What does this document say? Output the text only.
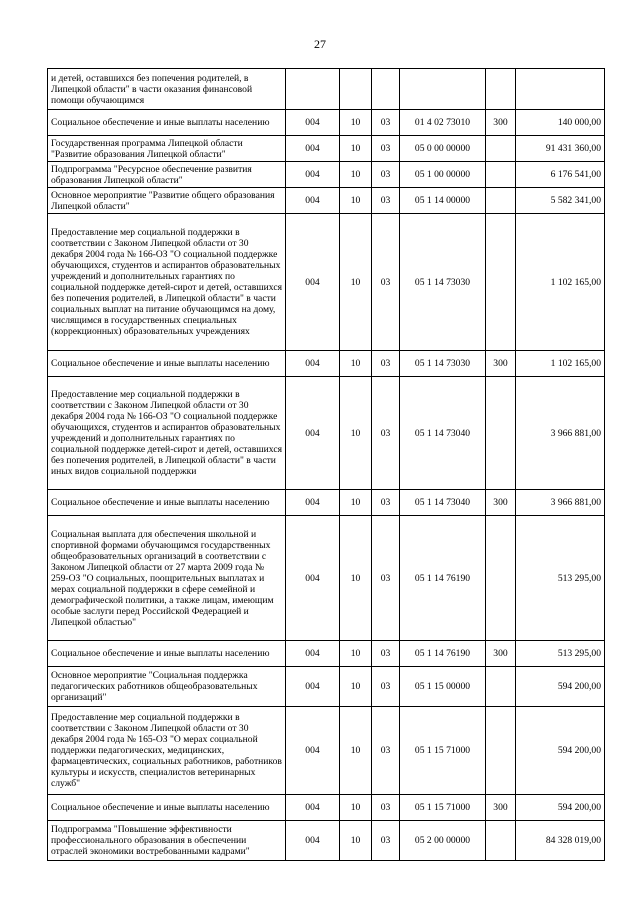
27
и детей, оставшихся без попечения родителей, в Липецкой области" в части оказания финансовой помощи обучающимся						
Социальное обеспечение и иные выплаты населению	004	10	03	01 4 02 73010	300	140 000,00
Государственная программа Липецкой области "Развитие образования Липецкой области"	004	10	03	05 0 00 00000		91 431 360,00
Подпрограмма "Ресурсное обеспечение развития образования Липецкой области"	004	10	03	05 1 00 00000		6 176 541,00
Основное мероприятие "Развитие общего образования Липецкой области"	004	10	03	05 1 14 00000		5 582 341,00
Предоставление мер социальной поддержки в соответствии с Законом Липецкой области от 30 декабря 2004 года № 166-ОЗ "О социальной поддержке обучающихся, студентов и аспирантов образовательных учреждений и дополнительных гарантиях по социальной поддержке детей-сирот и детей, оставшихся без попечения родителей, в Липецкой области" в части социальных выплат на питание обучающимся на дому, числящимся в государственных специальных (коррекционных) образовательных учреждениях	004	10	03	05 1 14 73030		1 102 165,00
Социальное обеспечение и иные выплаты населению	004	10	03	05 1 14 73030	300	1 102 165,00
Предоставление мер социальной поддержки в соответствии с Законом Липецкой области от 30 декабря 2004 года № 166-ОЗ "О социальной поддержке обучающихся, студентов и аспирантов образовательных учреждений и дополнительных гарантиях по социальной поддержке детей-сирот и детей, оставшихся без попечения родителей, в Липецкой области" в части иных видов социальной поддержки	004	10	03	05 1 14 73040		3 966 881,00
Социальное обеспечение и иные выплаты населению	004	10	03	05 1 14 73040	300	3 966 881,00
Социальная выплата для обеспечения школьной и спортивной формами обучающимся государственных общеобразовательных организаций в соответствии с Законом Липецкой области от 27 марта 2009 года № 259-ОЗ "О социальных, поощрительных выплатах и мерах социальной поддержки в сфере семейной и демографической политики, а также лицам, имеющим особые заслуги перед Российской Федерацией и Липецкой областью"	004	10	03	05 1 14 76190		513 295,00
Социальное обеспечение и иные выплаты населению	004	10	03	05 1 14 76190	300	513 295,00
Основное мероприятие "Социальная поддержка педагогических работников общеобразовательных организаций"	004	10	03	05 1 15 00000		594 200,00
Предоставление мер социальной поддержки в соответствии с Законом Липецкой области от 30 декабря 2004 года № 165-ОЗ "О мерах социальной поддержки педагогических, медицинских, фармацевтических, социальных работников, работников культуры и искусств, специалистов ветеринарных служб"	004	10	03	05 1 15 71000		594 200,00
Социальное обеспечение и иные выплаты населению	004	10	03	05 1 15 71000	300	594 200,00
Подпрограмма "Повышение эффективности профессионального образования в обеспечении отраслей экономики востребованными кадрами"	004	10	03	05 2 00 00000		84 328 019,00
